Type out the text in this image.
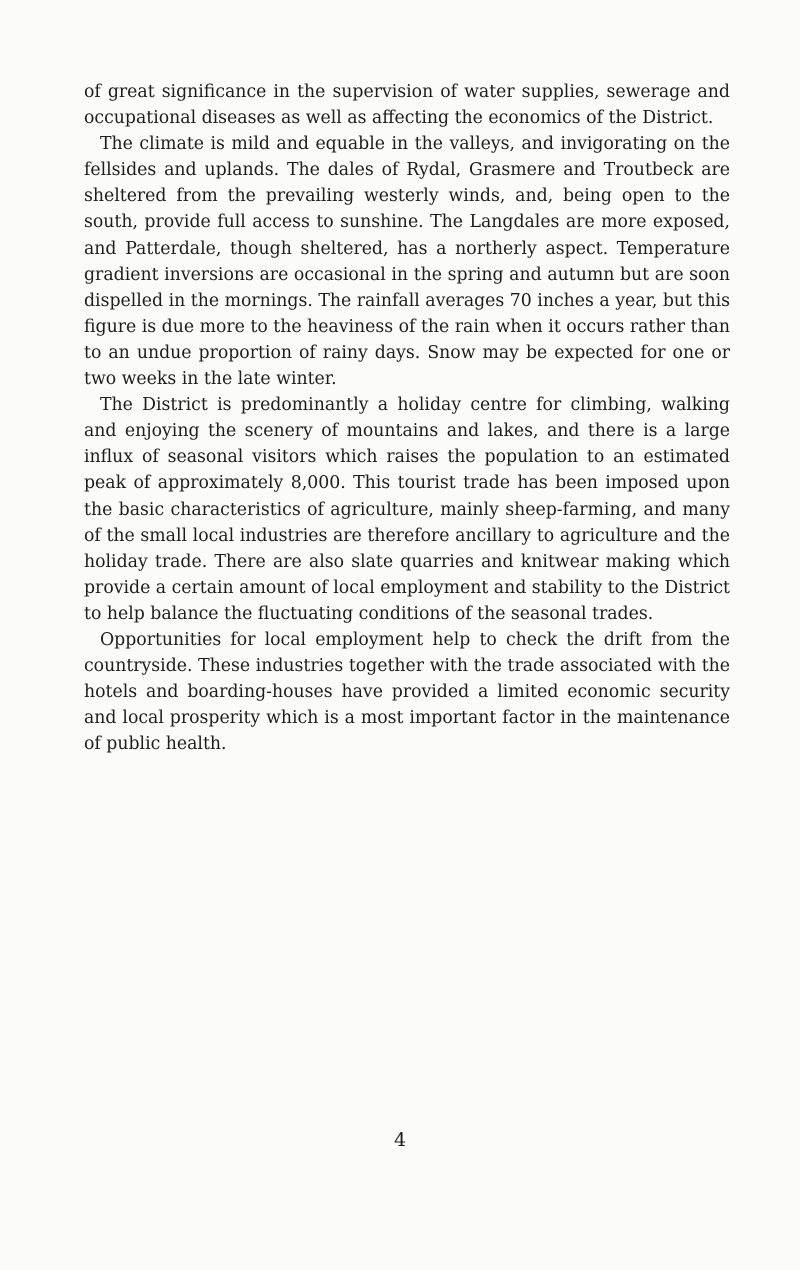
of great significance in the supervision of water supplies, sewerage and occupational diseases as well as affecting the economics of the District.

The climate is mild and equable in the valleys, and invigorating on the fellsides and uplands. The dales of Rydal, Grasmere and Troutbeck are sheltered from the prevailing westerly winds, and, being open to the south, provide full access to sunshine. The Langdales are more exposed, and Patterdale, though sheltered, has a northerly aspect. Temperature gradient inversions are occasional in the spring and autumn but are soon dispelled in the mornings. The rainfall averages 70 inches a year, but this figure is due more to the heaviness of the rain when it occurs rather than to an undue proportion of rainy days. Snow may be expected for one or two weeks in the late winter.

The District is predominantly a holiday centre for climbing, walking and enjoying the scenery of mountains and lakes, and there is a large influx of seasonal visitors which raises the population to an estimated peak of approximately 8,000. This tourist trade has been imposed upon the basic characteristics of agriculture, mainly sheep-farming, and many of the small local industries are therefore ancillary to agriculture and the holiday trade. There are also slate quarries and knitwear making which provide a certain amount of local employment and stability to the District to help balance the fluctuating conditions of the seasonal trades.

Opportunities for local employment help to check the drift from the countryside. These industries together with the trade associated with the hotels and boarding-houses have provided a limited economic security and local prosperity which is a most important factor in the maintenance of public health.

4
